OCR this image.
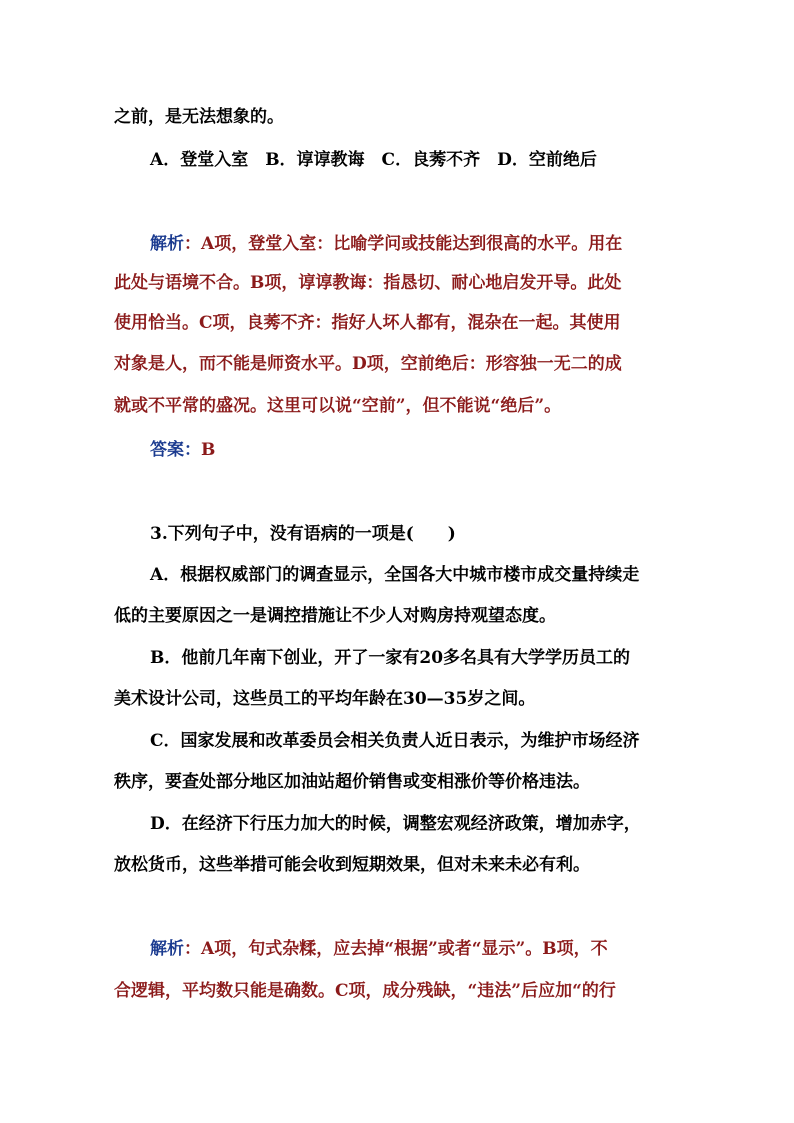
之前，是无法想象的。
A．登堂入室　B．谆谆教诲　C．良莠不齐　D．空前绝后
解析：A项，登堂入室：比喻学问或技能达到很高的水平。用在
此处与语境不合。B项，谆谆教诲：指恳切、耐心地启发开导。此处
使用恰当。C项，良莠不齐：指好人坏人都有，混杂在一起。其使用
对象是人，而不能是师资水平。D项，空前绝后：形容独一无二的成
就或不平常的盛况。这里可以说“空前”，但不能说“绝后”。
答案：B
3.下列句子中，没有语病的一项是(　　)
A．根据权威部门的调查显示，全国各大中城市楼市成交量持续走
低的主要原因之一是调控措施让不少人对购房持观望态度。
B．他前几年南下创业，开了一家有20多名具有大学学历员工的
美术设计公司，这些员工的平均年龄在30—35岁之间。
C．国家发展和改革委员会相关负责人近日表示，为维护市场经济
秩序，要查处部分地区加油站超价销售或变相涨价等价格违法。
D．在经济下行压力加大的时候，调整宏观经济政策，增加赤字，
放松货币，这些举措可能会收到短期效果，但对未来未必有利。
解析：A项，句式杂糅，应去掉“根据”或者“显示”。B项，不
合逻辑，平均数只能是确数。C项，成分残缺，“违法”后应加“的行
